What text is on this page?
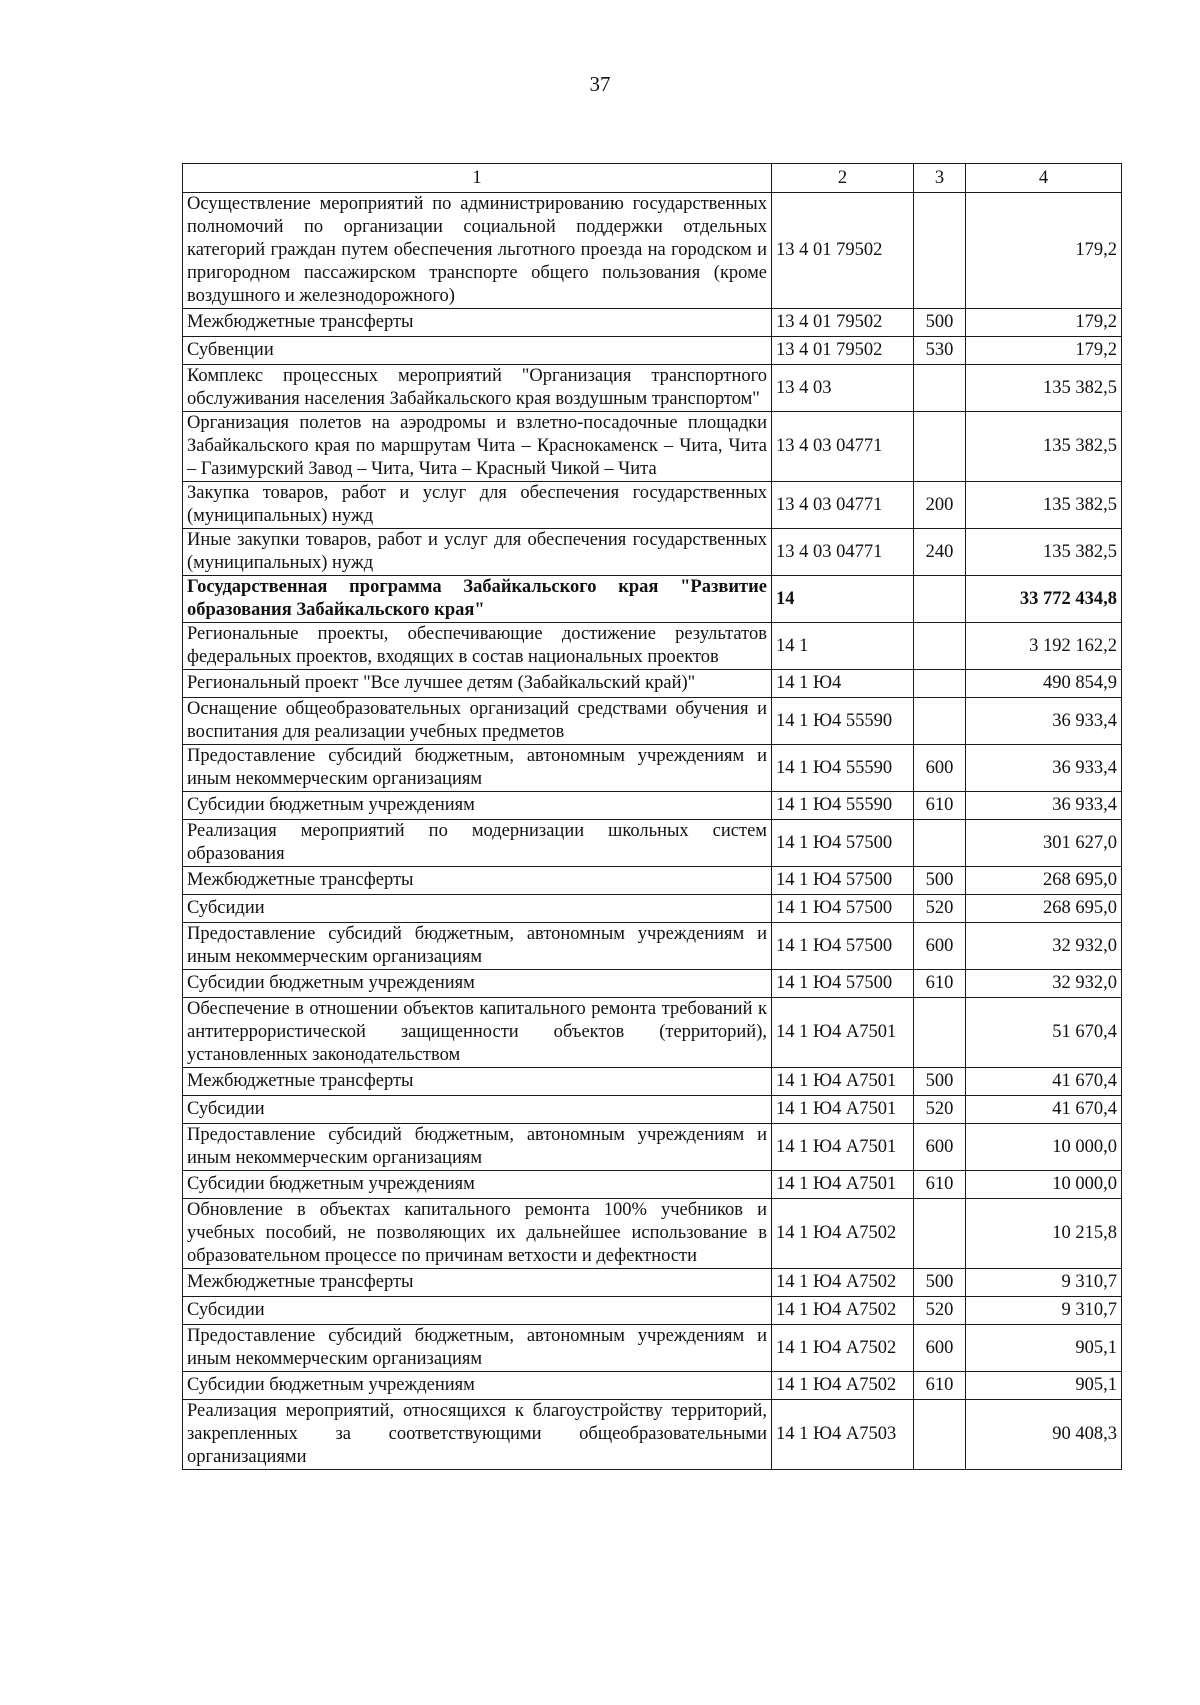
37
1	2	3	4
Осуществление мероприятий по администрированию государственных полномочий по организации социальной поддержки отдельных категорий граждан путем обеспечения льготного проезда на городском и пригородном пассажирском транспорте общего пользования (кроме воздушного и железнодорожного)	13 4 01 79502		179,2
Межбюджетные трансферты	13 4 01 79502	500	179,2
Субвенции	13 4 01 79502	530	179,2
Комплекс процессных мероприятий "Организация транспортного обслуживания населения Забайкальского края воздушным транспортом"	13 4 03		135 382,5
Организация полетов на аэродромы и взлетно-посадочные площадки Забайкальского края по маршрутам Чита – Краснокаменск – Чита, Чита – Газимурский Завод – Чита, Чита – Красный Чикой – Чита	13 4 03 04771		135 382,5
Закупка товаров, работ и услуг для обеспечения государственных (муниципальных) нужд	13 4 03 04771	200	135 382,5
Иные закупки товаров, работ и услуг для обеспечения государственных (муниципальных) нужд	13 4 03 04771	240	135 382,5
Государственная программа Забайкальского края "Развитие образования Забайкальского края"	14		33 772 434,8
Региональные проекты, обеспечивающие достижение результатов федеральных проектов, входящих в состав национальных проектов	14 1		3 192 162,2
Региональный проект "Все лучшее детям (Забайкальский край)"	14 1 Ю4		490 854,9
Оснащение общеобразовательных организаций средствами обучения и воспитания для реализации учебных предметов	14 1 Ю4 55590		36 933,4
Предоставление субсидий бюджетным, автономным учреждениям и иным некоммерческим организациям	14 1 Ю4 55590	600	36 933,4
Субсидии бюджетным учреждениям	14 1 Ю4 55590	610	36 933,4
Реализация мероприятий по модернизации школьных систем образования	14 1 Ю4 57500		301 627,0
Межбюджетные трансферты	14 1 Ю4 57500	500	268 695,0
Субсидии	14 1 Ю4 57500	520	268 695,0
Предоставление субсидий бюджетным, автономным учреждениям и иным некоммерческим организациям	14 1 Ю4 57500	600	32 932,0
Субсидии бюджетным учреждениям	14 1 Ю4 57500	610	32 932,0
Обеспечение в отношении объектов капитального ремонта требований к антитеррористической защищенности объектов (территорий), установленных законодательством	14 1 Ю4 А7501		51 670,4
Межбюджетные трансферты	14 1 Ю4 А7501	500	41 670,4
Субсидии	14 1 Ю4 А7501	520	41 670,4
Предоставление субсидий бюджетным, автономным учреждениям и иным некоммерческим организациям	14 1 Ю4 А7501	600	10 000,0
Субсидии бюджетным учреждениям	14 1 Ю4 А7501	610	10 000,0
Обновление в объектах капитального ремонта 100% учебников и учебных пособий, не позволяющих их дальнейшее использование в образовательном процессе по причинам ветхости и дефектности	14 1 Ю4 А7502		10 215,8
Межбюджетные трансферты	14 1 Ю4 А7502	500	9 310,7
Субсидии	14 1 Ю4 А7502	520	9 310,7
Предоставление субсидий бюджетным, автономным учреждениям и иным некоммерческим организациям	14 1 Ю4 А7502	600	905,1
Субсидии бюджетным учреждениям	14 1 Ю4 А7502	610	905,1
Реализация мероприятий, относящихся к благоустройству территорий, закрепленных за соответствующими общеобразовательными организациями	14 1 Ю4 А7503		90 408,3
